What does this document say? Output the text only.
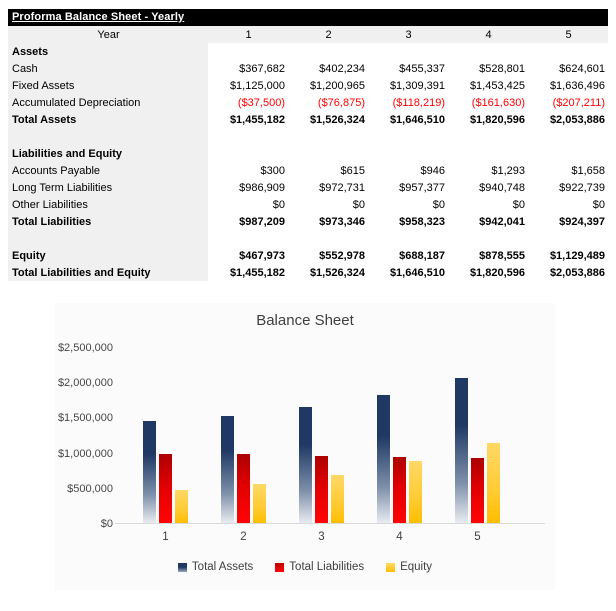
Proforma Balance Sheet - Yearly
Year	1	2	3	4	5
Assets					
Cash	$367,682	$402,234	$455,337	$528,801	$624,601
Fixed Assets	$1,125,000	$1,200,965	$1,309,391	$1,453,425	$1,636,496
Accumulated Depreciation	($37,500)	($76,875)	($118,219)	($161,630)	($207,211)
Total Assets	$1,455,182	$1,526,324	$1,646,510	$1,820,596	$2,053,886

Liabilities and Equity					
Accounts Payable	$300	$615	$946	$1,293	$1,658
Long Term Liabilities	$986,909	$972,731	$957,377	$940,748	$922,739
Other Liabilities	$0	$0	$0	$0	$0
Total Liabilities	$987,209	$973,346	$958,323	$942,041	$924,397

Equity	$467,973	$552,978	$688,187	$878,555	$1,129,489
Total Liabilities and Equity	$1,455,182	$1,526,324	$1,646,510	$1,820,596	$2,053,886
Balance Sheet
$2,500,000
$2,000,000
$1,500,000
$1,000,000
$500,000
$0
1	2	3	4	5
Total Assets	Total Liabilities	Equity
